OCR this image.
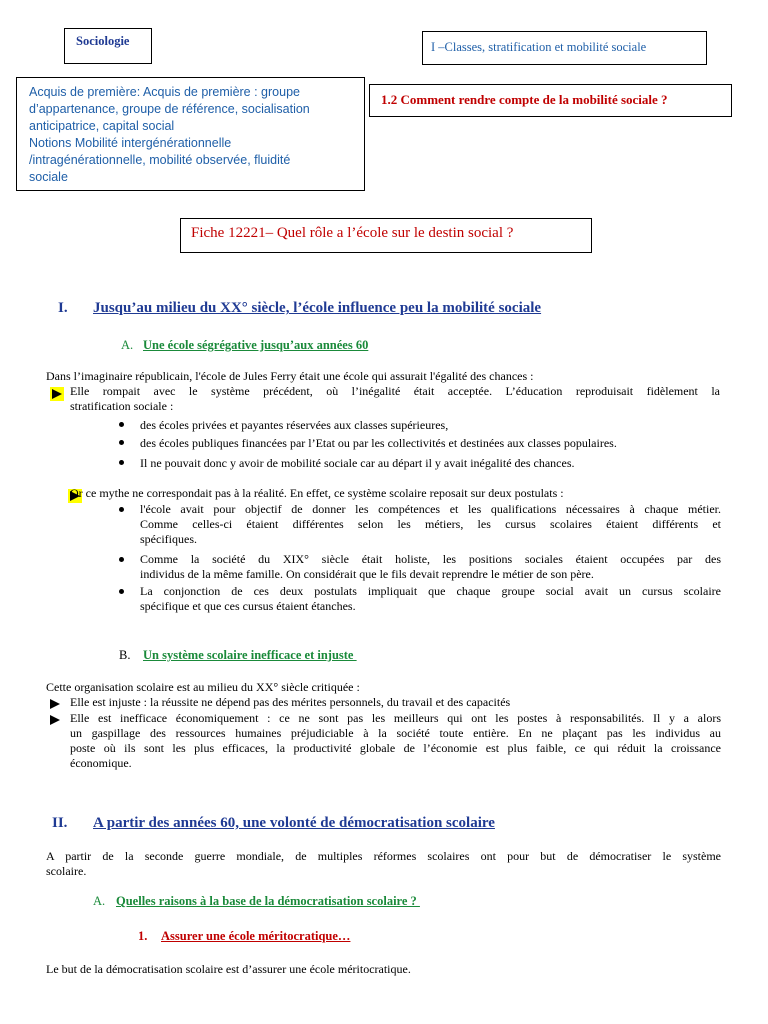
Sociologie	I –Classes, stratification et mobilité sociale
Acquis de première: Acquis de première : groupe
d’appartenance, groupe de référence, socialisation
anticipatrice, capital social
Notions Mobilité intergénérationnelle
/intragénérationnelle, mobilité observée, fluidité
sociale
1.2 Comment rendre compte de la mobilité sociale ?
Fiche 12221– Quel rôle a l’école sur le destin social ?
I. Jusqu’au milieu du XX° siècle, l’école influence peu la mobilité sociale
A. Une école ségrégative jusqu’aux années 60
Dans l’imaginaire républicain, l'école de Jules Ferry était une école qui assurait l'égalité des chances :

Elle rompait avec le système précédent, où l’inégalité était acceptée. L’éducation reproduisait fidèlement la
stratification sociale :
des écoles privées et payantes réservées aux classes supérieures,
des écoles publiques financées par l’Etat ou par les collectivités et destinées aux classes populaires.
Il ne pouvait donc y avoir de mobilité sociale car au départ il y avait inégalité des chances.
Or ce mythe ne correspondait pas à la réalité. En effet, ce système scolaire reposait sur deux postulats :
l'école avait pour objectif de donner les compétences et les qualifications nécessaires à chaque métier.
Comme celles-ci étaient différentes selon les métiers, les cursus scolaires étaient différents et
spécifiques.
Comme la société du XIX° siècle était holiste, les positions sociales étaient occupées par des
individus de la même famille. On considérait que le fils devait reprendre le métier de son père.
La conjonction de ces deux postulats impliquait que chaque groupe social avait un cursus scolaire
spécifique et que ces cursus étaient étanches.
B. Un système scolaire inefficace et injuste
Cette organisation scolaire est au milieu du XX° siècle critiquée :
Elle est injuste : la réussite ne dépend pas des mérites personnels, du travail et des capacités
Elle est inefficace économiquement : ce ne sont pas les meilleurs qui ont les postes à responsabilités. Il y a alors
un gaspillage des ressources humaines préjudiciable à la société toute entière. En ne plaçant pas les individus au
poste où ils sont les plus efficaces, la productivité globale de l’économie est plus faible, ce qui réduit la croissance
économique.
II. A partir des années 60, une volonté de démocratisation scolaire
A partir de la seconde guerre mondiale, de multiples réformes scolaires ont pour but de démocratiser le système
scolaire.
A. Quelles raisons à la base de la démocratisation scolaire ?
1. Assurer une école méritocratique…
Le but de la démocratisation scolaire est d’assurer une école méritocratique.
